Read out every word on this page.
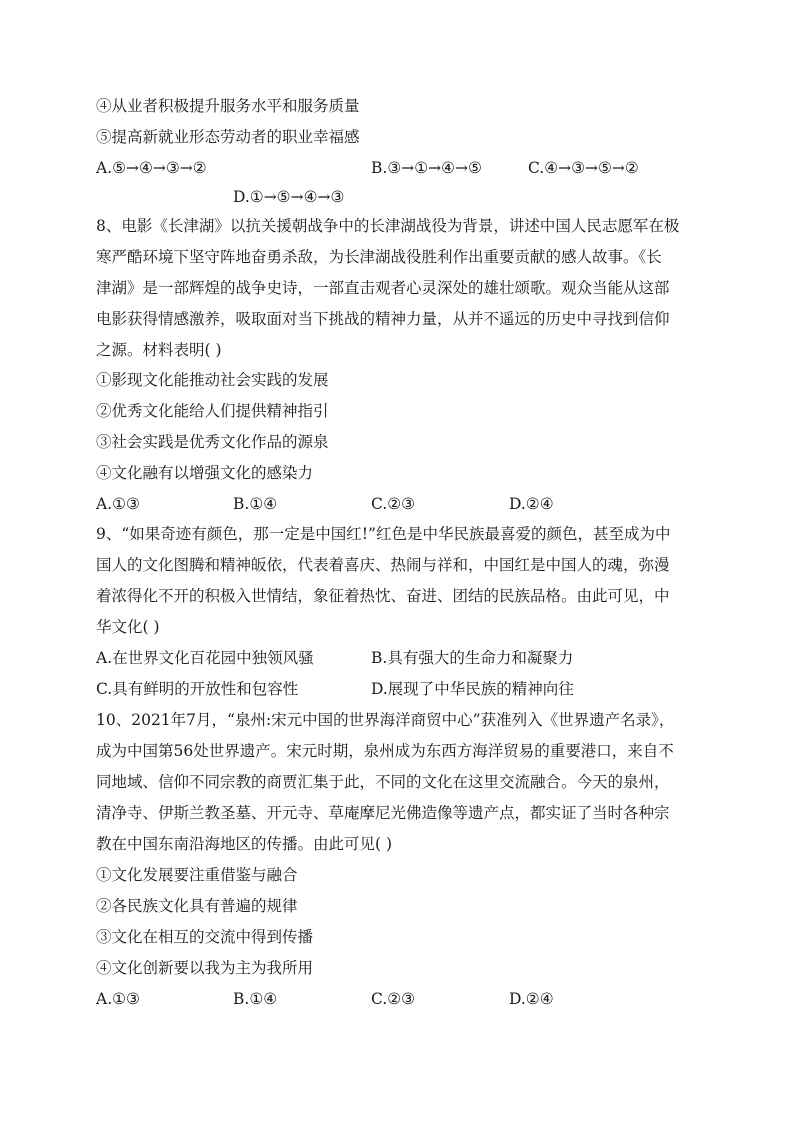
④从业者积极提升服务水平和服务质量
⑤提高新就业形态劳动者的职业幸福感
A.⑤→④→③→②	B.③→①→④→⑤	C.④→③→⑤→②
D.①→⑤→④→③
8、电影《长津湖》以抗关援朝战争中的长津湖战役为背景，讲述中国人民志愿军在极
寒严酷环境下坚守阵地奋勇杀敌，为长津湖战役胜利作出重要贡献的感人故事。《长
津湖》是一部辉煌的战争史诗，一部直击观者心灵深处的雄壮颂歌。观众当能从这部
电影获得情感激养，吸取面对当下挑战的精神力量，从并不遥远的历史中寻找到信仰
之源。材料表明( )
①影现文化能推动社会实践的发展
②优秀文化能给人们提供精神指引
③社会实践是优秀文化作品的源泉
④文化融有以增强文化的感染力
A.①③	B.①④	C.②③	D.②④
9、“如果奇迹有颜色，那一定是中国红!”红色是中华民族最喜爱的颜色，甚至成为中
国人的文化图腾和精神皈依，代表着喜庆、热闹与祥和，中国红是中国人的魂，弥漫
着浓得化不开的积极入世情结，象征着热忱、奋进、团结的民族品格。由此可见，中
华文化( )
A.在世界文化百花园中独领风骚	B.具有强大的生命力和凝聚力
C.具有鲜明的开放性和包容性	D.展现了中华民族的精神向往
10、2021年7月，“泉州:宋元中国的世界海洋商贸中心”获准列入《世界遗产名录》，
成为中国第56处世界遗产。宋元时期，泉州成为东西方海洋贸易的重要港口，来自不
同地域、信仰不同宗教的商贾汇集于此，不同的文化在这里交流融合。今天的泉州，
清净寺、伊斯兰教圣墓、开元寺、草庵摩尼光佛造像等遗产点，都实证了当时各种宗
教在中国东南沿海地区的传播。由此可见( )
①文化发展要注重借鉴与融合
②各民族文化具有普遍的规律
③文化在相互的交流中得到传播
④文化创新要以我为主为我所用
A.①③	B.①④	C.②③	D.②④
